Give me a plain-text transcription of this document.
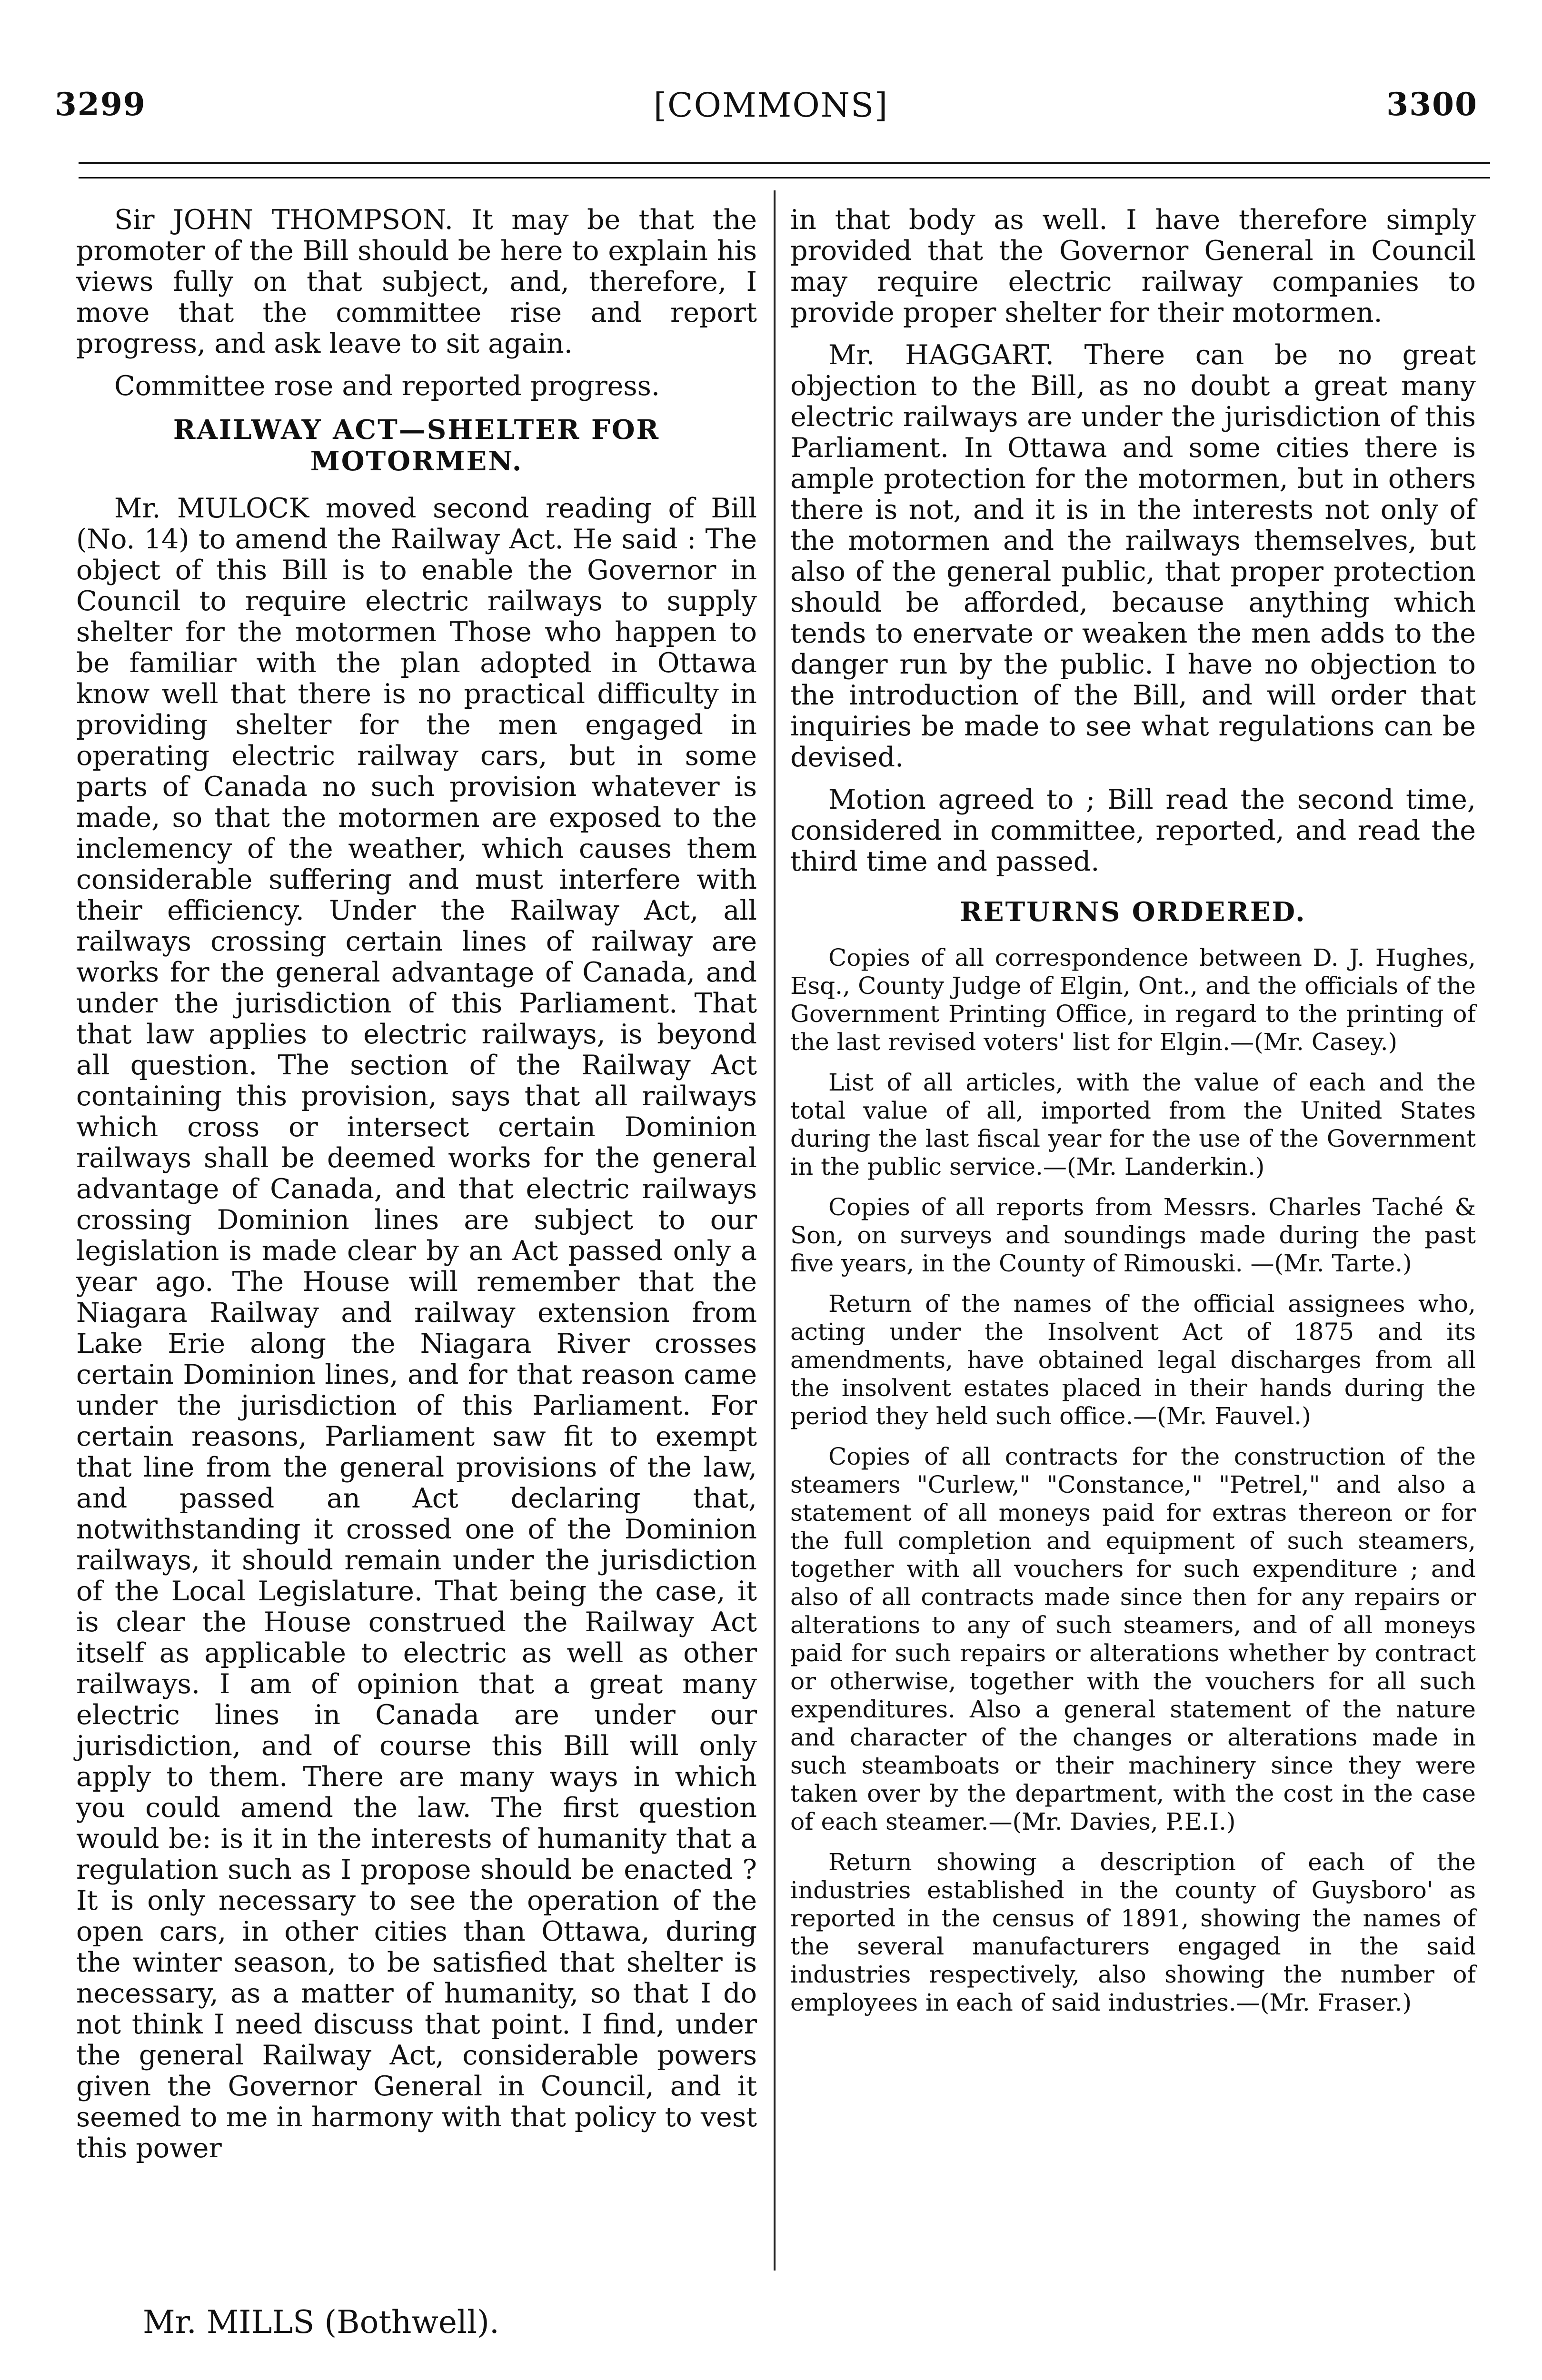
3299	[COMMONS]	3300

Sir JOHN THOMPSON. It may be that the promoter of the Bill should be here to explain his views fully on that subject, and, therefore, I move that the committee rise and report progress, and ask leave to sit again.

Committee rose and reported progress.

RAILWAY ACT—SHELTER FOR MOTORMEN.

Mr. MULOCK moved second reading of Bill (No. 14) to amend the Railway Act. He said : The object of this Bill is to enable the Governor in Council to require electric railways to supply shelter for the motormen Those who happen to be familiar with the plan adopted in Ottawa know well that there is no practical difficulty in providing shelter for the men engaged in operating electric railway cars, but in some parts of Canada no such provision whatever is made, so that the motormen are exposed to the inclemency of the weather, which causes them considerable suffering and must interfere with their efficiency. Under the Railway Act, all railways crossing certain lines of railway are works for the general advantage of Canada, and under the jurisdiction of this Parliament. That that law applies to electric railways, is beyond all question. The section of the Railway Act containing this provision, says that all railways which cross or intersect certain Dominion railways shall be deemed works for the general advantage of Canada, and that electric railways crossing Dominion lines are subject to our legislation is made clear by an Act passed only a year ago. The House will remember that the Niagara Railway and railway extension from Lake Erie along the Niagara River crosses certain Dominion lines, and for that reason came under the jurisdiction of this Parliament. For certain reasons, Parliament saw fit to exempt that line from the general provisions of the law, and passed an Act declaring that, notwithstanding it crossed one of the Dominion railways, it should remain under the jurisdiction of the Local Legislature. That being the case, it is clear the House construed the Railway Act itself as applicable to electric as well as other railways. I am of opinion that a great many electric lines in Canada are under our jurisdiction, and of course this Bill will only apply to them. There are many ways in which you could amend the law. The first question would be: is it in the interests of humanity that a regulation such as I propose should be enacted ? It is only necessary to see the operation of the open cars, in other cities than Ottawa, during the winter season, to be satisfied that shelter is necessary, as a matter of humanity, so that I do not think I need discuss that point. I find, under the general Railway Act, considerable powers given the Governor General in Council, and it seemed to me in harmony with that policy to vest this power

in that body as well. I have therefore simply provided that the Governor General in Council may require electric railway companies to provide proper shelter for their motormen.

Mr. HAGGART. There can be no great objection to the Bill, as no doubt a great many electric railways are under the jurisdiction of this Parliament. In Ottawa and some cities there is ample protection for the motormen, but in others there is not, and it is in the interests not only of the motormen and the railways themselves, but also of the general public, that proper protection should be afforded, because anything which tends to enervate or weaken the men adds to the danger run by the public. I have no objection to the introduction of the Bill, and will order that inquiries be made to see what regulations can be devised.

Motion agreed to ; Bill read the second time, considered in committee, reported, and read the third time and passed.

RETURNS ORDERED.

Copies of all correspondence between D. J. Hughes, Esq., County Judge of Elgin, Ont., and the officials of the Government Printing Office, in regard to the printing of the last revised voters' list for Elgin.—(Mr. Casey.)

List of all articles, with the value of each and the total value of all, imported from the United States during the last fiscal year for the use of the Government in the public service.—(Mr. Landerkin.)

Copies of all reports from Messrs. Charles Taché & Son, on surveys and soundings made during the past five years, in the County of Rimouski. —(Mr. Tarte.)

Return of the names of the official assignees who, acting under the Insolvent Act of 1875 and its amendments, have obtained legal discharges from all the insolvent estates placed in their hands during the period they held such office.—(Mr. Fauvel.)

Copies of all contracts for the construction of the steamers "Curlew," "Constance," "Petrel," and also a statement of all moneys paid for extras thereon or for the full completion and equipment of such steamers, together with all vouchers for such expenditure ; and also of all contracts made since then for any repairs or alterations to any of such steamers, and of all moneys paid for such repairs or alterations whether by contract or otherwise, together with the vouchers for all such expenditures. Also a general statement of the nature and character of the changes or alterations made in such steamboats or their machinery since they were taken over by the department, with the cost in the case of each steamer.—(Mr. Davies, P.E.I.)

Return showing a description of each of the industries established in the county of Guysboro' as reported in the census of 1891, showing the names of the several manufacturers engaged in the said industries respectively, also showing the number of employees in each of said industries.—(Mr. Fraser.)

Mr. MILLS (Bothwell).
